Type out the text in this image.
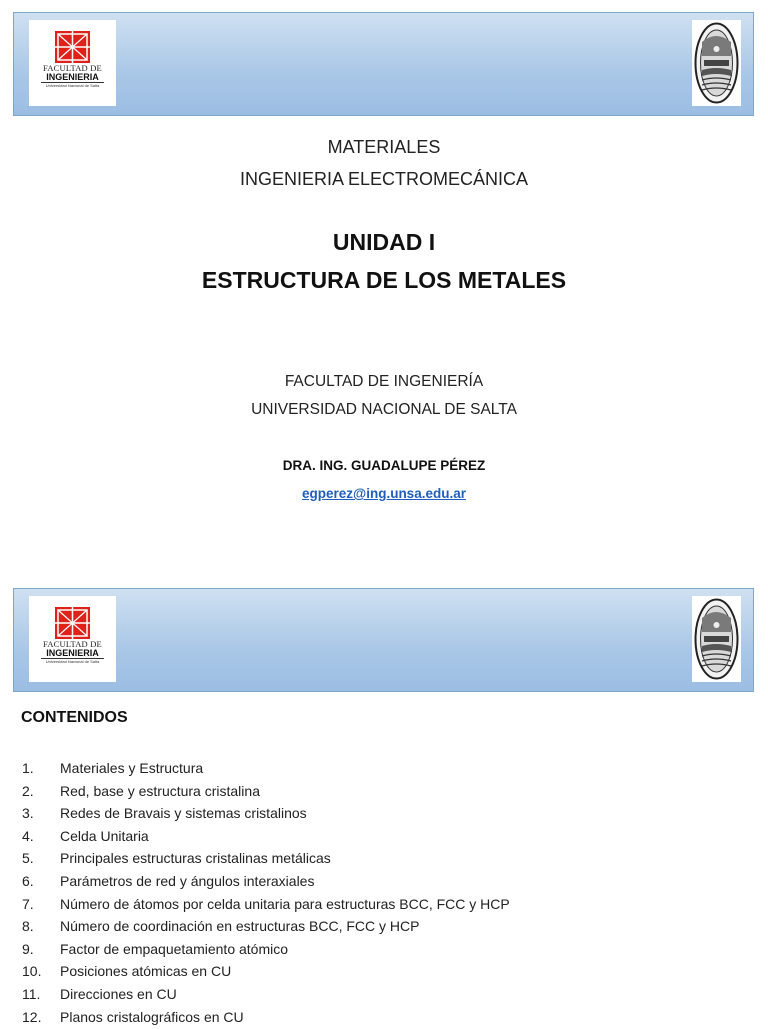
FACULTAD DE
INGENIERIA
Universidad Nacional de Salta

MATERIALES

INGENIERIA ELECTROMECÁNICA

UNIDAD I

ESTRUCTURA DE LOS METALES

FACULTAD DE INGENIERÍA

UNIVERSIDAD NACIONAL DE SALTA

DRA. ING. GUADALUPE PÉREZ

egperez@ing.unsa.edu.ar

FACULTAD DE
INGENIERIA
Universidad Nacional de Salta
CONTENIDOS
1. Materiales y Estructura
2. Red, base y estructura cristalina
3. Redes de Bravais y sistemas cristalinos
4. Celda Unitaria
5. Principales estructuras cristalinas metálicas
6. Parámetros de red y ángulos interaxiales
7. Número de átomos por celda unitaria para estructuras BCC, FCC y HCP
8. Número de coordinación en estructuras BCC, FCC y HCP
9. Factor de empaquetamiento atómico
10. Posiciones atómicas en CU
11. Direcciones en CU
12. Planos cristalográficos en CU
